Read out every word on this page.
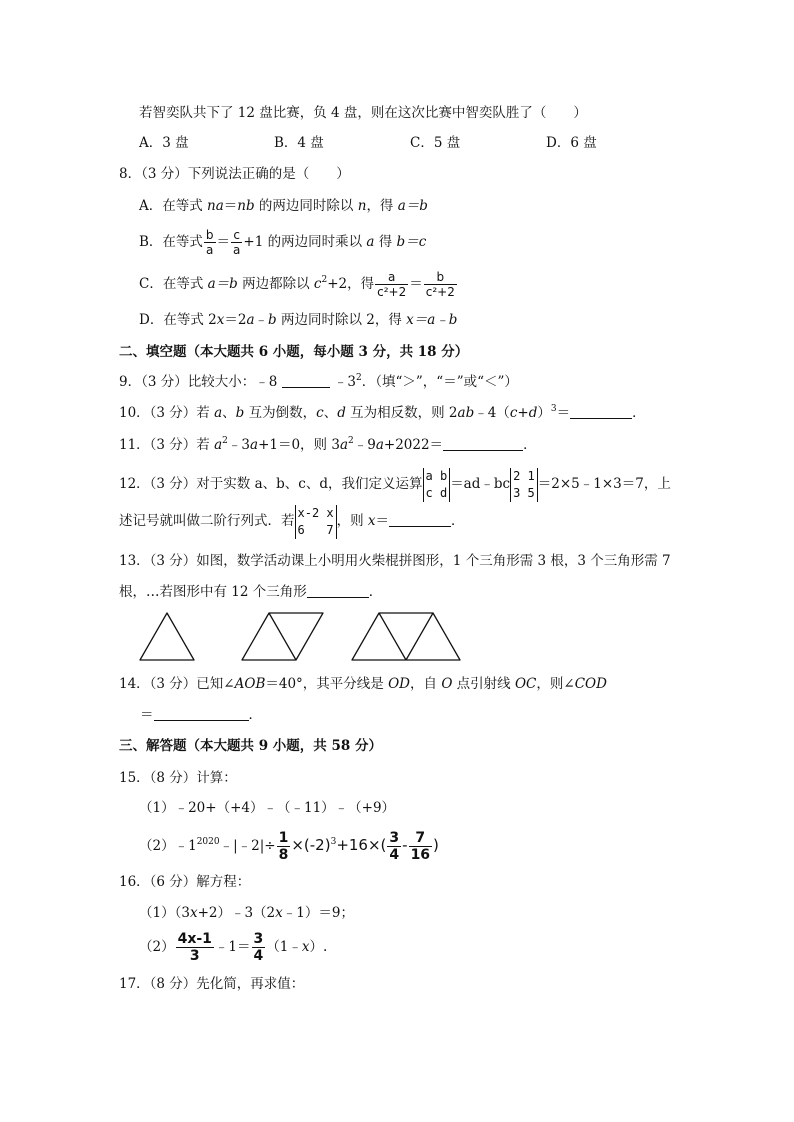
若智奕队共下了 12 盘比赛，负 4 盘，则在这次比赛中智奕队胜了（　　）
A．3 盘	B．4 盘	C．5 盘	D．6 盘
8．（3 分）下列说法正确的是（　　）
A．在等式 na＝nb 的两边同时除以 n，得 a＝b
B．在等式 $\frac{b}{a} = \frac{c}{a} +1$ 的两边同时乘以 a 得 b＝c
C．在等式 a＝b 两边都除以 $c^2+2$，得 $\frac{a}{\text{c²+2}} = \frac{b}{\text{c²+2}}$
D．在等式 2x＝2a﹣b 两边同时除以 2，得 x＝a﹣b
二、填空题（本大题共 6 小题，每小题 3 分，共 18 分）
9．（3 分）比较大小：﹣8	$﹣3^2$．（填“＞”，“＝”或“＜”）
10．（3 分）若 a、b 互为倒数，c、d 互为相反数，则 $2ab﹣4(c+d)^3=$	．
11．（3 分）若 $a^2﹣3a+1=0$，则 $3a^2﹣9a+2022=$	．
12．（3 分）对于实数 a、b、c、d，我们定义运算
a b
c d
＝ad﹣bc
2 1
3 5
＝2×5﹣1×3＝7，上
述记号就叫做二阶行列式．若
x-2 x
6   7
，则 x＝	．
13．（3 分）如图，数学活动课上小明用火柴棍拼图形，1 个三角形需 3 根，3 个三角形需 7
根，…若图形中有 12 个三角形	．
14．（3 分）已知∠AOB＝40°，其平分线是 OD，自 O 点引射线 OC，则∠COD
＝	．
三、解答题（本大题共 9 小题，共 58 分）
15．（8 分）计算：
（1）﹣20+（+4）﹣（﹣11）﹣（+9）
$(2)﹣1^{2020}﹣|﹣2|\div \frac{1}{8} \times(-2)^3+16\times( \frac{3}{4} - \frac{7}{16}$ )
16．（6 分）解方程：
（1）（3x+2）﹣3（2x﹣1）＝9；
$(2) \frac{4x-1}{3}$ ﹣1＝ $\frac{3}{4}$ （1﹣x）.
17．（8 分）先化简，再求值：
